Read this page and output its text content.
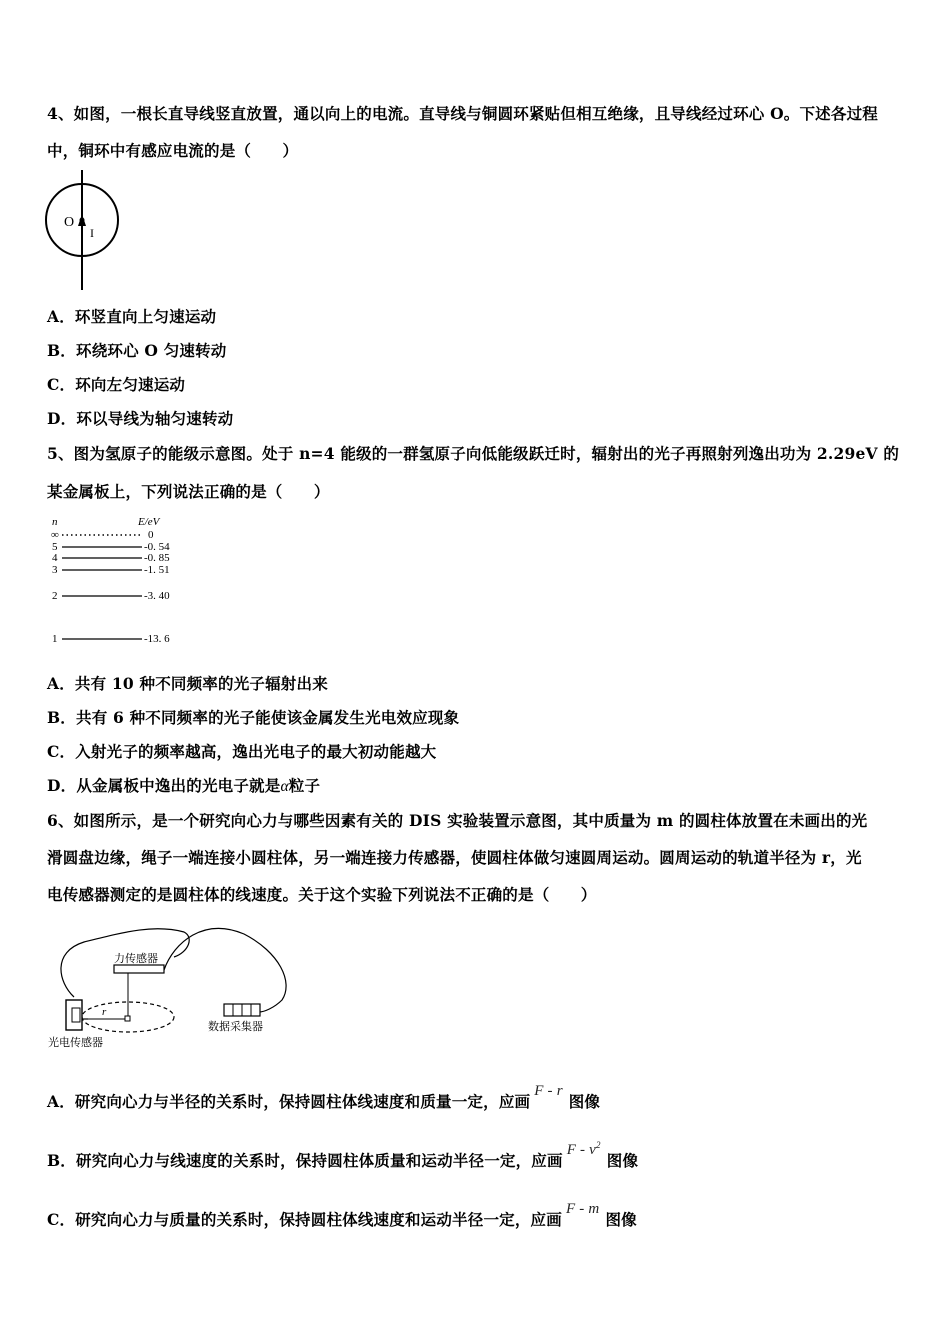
4、如图，一根长直导线竖直放置，通以向上的电流。直导线与铜圆环紧贴但相互绝缘，且导线经过环心 O。下述各过程
中，铜环中有感应电流的是（　　）
O
I
A．环竖直向上匀速运动
B．环绕环心 O 匀速转动
C．环向左匀速运动
D．环以导线为轴匀速转动
5、图为氢原子的能级示意图。处于 n=4 能级的一群氢原子向低能级跃迁时，辐射出的光子再照射列逸出功为 2.29eV 的
某金属板上，下列说法正确的是（　　）
n	E/eV
∞	0
5	-0. 54
4	-0. 85
3	-1. 51
2	-3. 40
1	-13. 6
A．共有 10 种不同频率的光子辐射出来
B．共有 6 种不同频率的光子能使该金属发生光电效应现象
C．入射光子的频率越高，逸出光电子的最大初动能越大
D．从金属板中逸出的光电子就是α粒子
6、如图所示，是一个研究向心力与哪些因素有关的 DIS 实验装置示意图，其中质量为 m 的圆柱体放置在未画出的光
滑圆盘边缘，绳子一端连接小圆柱体，另一端连接力传感器，使圆柱体做匀速圆周运动。圆周运动的轨道半径为 r，光
电传感器测定的是圆柱体的线速度。关于这个实验下列说法不正确的是（　　）
力传感器
r
光电传感器
数据采集器
A．研究向心力与半径的关系时，保持圆柱体线速度和质量一定，应画F - r图像
B．研究向心力与线速度的关系时，保持圆柱体质量和运动半径一定，应画F - $v^2$图像
C．研究向心力与质量的关系时，保持圆柱体线速度和运动半径一定，应画F - m图像
